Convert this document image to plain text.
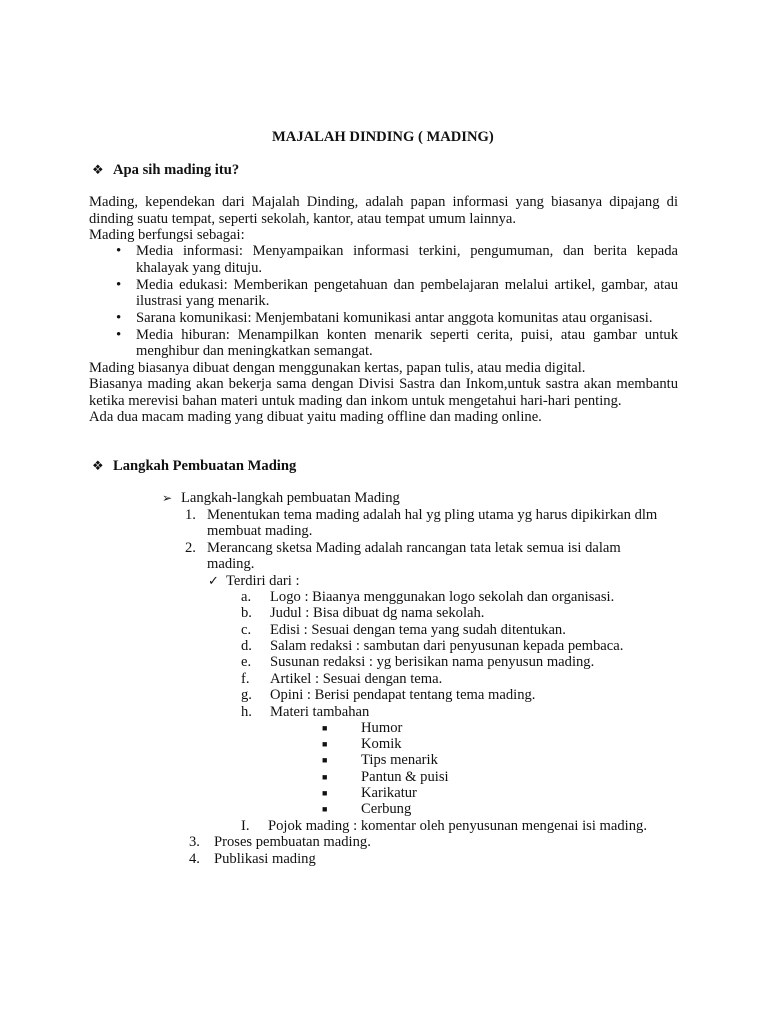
MAJALAH DINDING ( MADING)
❖ Apa sih mading itu?
Mading, kependekan dari Majalah Dinding, adalah papan informasi yang biasanya dipajang di
dinding suatu tempat, seperti sekolah, kantor, atau tempat umum lainnya.
Mading berfungsi sebagai:
• Media informasi: Menyampaikan informasi terkini, pengumuman, dan berita kepada
khalayak yang dituju.
• Media edukasi: Memberikan pengetahuan dan pembelajaran melalui artikel, gambar, atau
ilustrasi yang menarik.
• Sarana komunikasi: Menjembatani komunikasi antar anggota komunitas atau organisasi.
• Media hiburan: Menampilkan konten menarik seperti cerita, puisi, atau gambar untuk
menghibur dan meningkatkan semangat.
Mading biasanya dibuat dengan menggunakan kertas, papan tulis, atau media digital.
Biasanya mading akan bekerja sama dengan Divisi Sastra dan Inkom,untuk sastra akan membantu
ketika merevisi bahan materi untuk mading dan inkom untuk mengetahui hari-hari penting.
Ada dua macam mading yang dibuat yaitu mading offline dan mading online.
❖ Langkah Pembuatan Mading
➢ Langkah-langkah pembuatan Mading
1. Menentukan tema mading adalah hal yg pling utama yg harus dipikirkan dlm
membuat mading.
2. Merancang sketsa Mading adalah rancangan tata letak semua isi dalam
mading.
✓ Terdiri dari :
a. Logo : Biaanya menggunakan logo sekolah dan organisasi.
b. Judul : Bisa dibuat dg nama sekolah.
c. Edisi : Sesuai dengan tema yang sudah ditentukan.
d. Salam redaksi : sambutan dari penyusunan kepada pembaca.
e. Susunan redaksi : yg berisikan nama penyusun mading.
f. Artikel : Sesuai dengan tema.
g. Opini : Berisi pendapat tentang tema mading.
h. Materi tambahan
■ Humor
■ Komik
■ Tips menarik
■ Pantun & puisi
■ Karikatur
■ Cerbung
I. Pojok mading : komentar oleh penyusunan mengenai isi mading.
3. Proses pembuatan mading.
4. Publikasi mading
